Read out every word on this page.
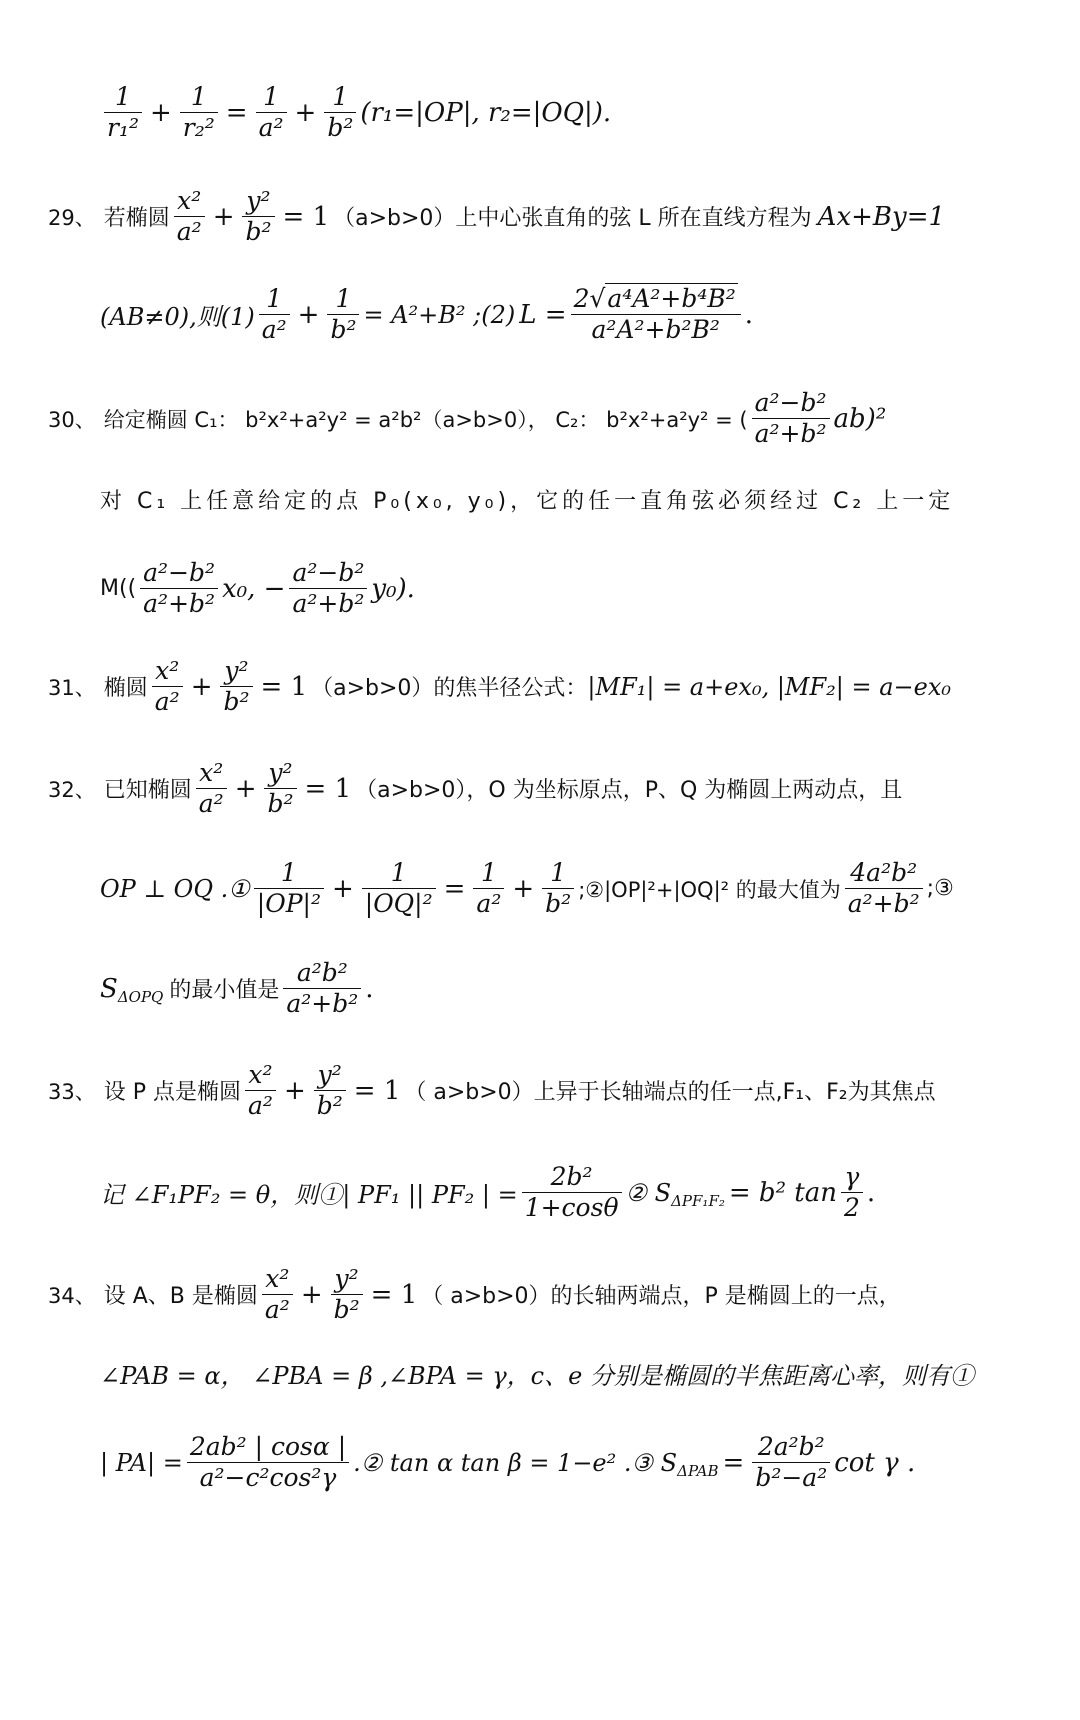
$\frac{1}{\text{r₁²}} + \frac{1}{\text{r₂²}} = \frac{1}{\text{a²}} + \frac{1}{\text{b²}} (r_1=|OP|$, r₂=|OQ|).
29、 若椭圆 $\frac{\text{x²}}{\text{a²}} + \frac{\text{y²}}{\text{b²}} = 1$ （a>b>0）上中心张直角的弦 L 所在直线方程为 Ax+By=1
(AB≠0),则$(1) \frac{1}{\text{a²}} + \frac{1}{\text{b²}} = A^2+B^2$ ;(2) $L = \frac{\text{2√a⁴A²+b⁴B²}}{\text{a²A²+b²B²}}$ .
30、 给定椭圆 C₁： b²x²+a²y² = a²b²（a>b>0）， C₂： b²x²+a²y² = ( $\frac{\text{a²−b²}}{\text{a²+b²}} ab)^2$
对 C₁ 上任意给定的点 P₀(x₀, y₀)，它的任一直角弦必须经过 C₂ 上一定
$M(( \frac{\text{a²−b²}}{\text{a²+b²}} x_0$, − $\frac{\text{a²−b²}}{\text{a²+b²}} y_0$).
31、 椭圆 $\frac{\text{x²}}{\text{a²}} + \frac{\text{y²}}{\text{b²}} = 1$ （a>b>0）的焦半径公式： |MF₁| = a+ex₀, |MF₂| = a−ex₀
32、 已知椭圆 $\frac{\text{x²}}{\text{a²}} + \frac{\text{y²}}{\text{b²}} = 1$ （a>b>0），O 为坐标原点，P、Q 为椭圆上两动点，且
OP ⊥ OQ .① $\frac{1}{\text{|OP|²}} + \frac{1}{\text{|OQ|²}} = \frac{1}{\text{a²}} + \frac{1}{\text{b²}}$ ;②|OP|²+|OQ|² 的最大值为 $\frac{\text{4a²b²}}{\text{a²+b²}}$ ;③
S ΔOPQ 的最小值是 $\frac{\text{a²b²}}{\text{a²+b²}}$ .
33、 设 P 点是椭圆 $\frac{\text{x²}}{\text{a²}} + \frac{\text{y²}}{\text{b²}} = 1$ （ a>b>0）上异于长轴端点的任一点,F₁、F₂为其焦点
记 ∠F₁PF₂ = θ，则①| PF₁ || PF₂ | = $\frac{\text{2b²}}{1+\cos\theta}$ ② S ΔPF₁F₂ = b² $\tan \frac{\gamma}{2}$ .
34、 设 A、B 是椭圆 $\frac{\text{x²}}{\text{a²}} + \frac{\text{y²}}{\text{b²}} = 1$ （ a>b>0）的长轴两端点，P 是椭圆上的一点，
∠PAB = α， ∠PBA = β ,∠BPA = γ，c、e 分别是椭圆的半焦距离心率，则有①
| $PA| = \frac{\text{2ab² | cosα |}}{\text{a²−c²cos²γ}}$ .② tan α tan β = 1−e² .③ S $\Delta PAB = \frac{\text{2a²b²}}{\text{b²−a²}}$ cot γ .
